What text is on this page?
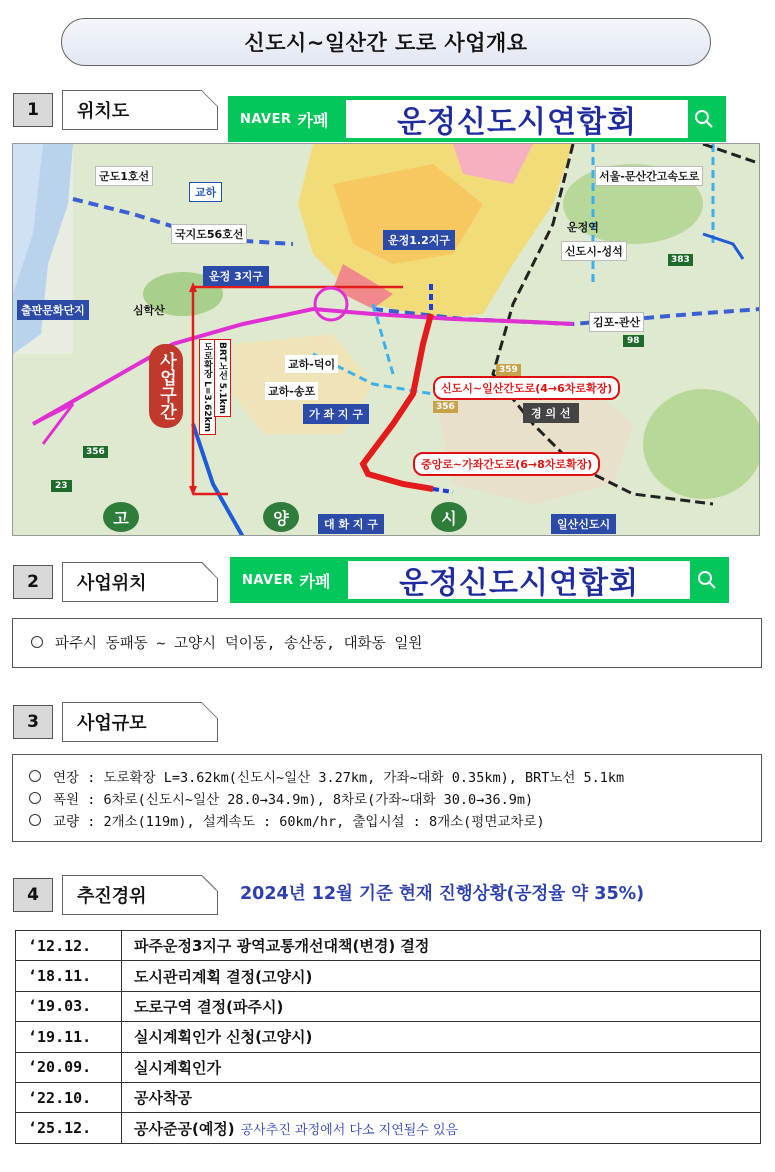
신도시~일산간 도로 사업개요
1	위치도	NAVER 카페	운정신도시연합회
군도1호선
교하
국지도56호선	운정1.2지구
운정 3지구
출판문화단지	심학산
서울-문산간고속도로
운정역
신도시-성석
383
김포-관산
98
교하-덕이
교하-송포
가 좌 지 구
359
356
356
23
신도시~일산간도로(4→6차로확장)
경 의 선
중앙로~가좌간도로(6→8차로확장)
대 화 지 구	일산신도시
고	양	시
사업구간	도로확장 L=3.62km BRT노선 5.1km
2	사업위치	NAVER 카페	운정신도시연합회
파주시 동패동 ~ 고양시 덕이동, 송산동, 대화동 일원
3	사업규모
연장 : 도로확장 L=3.62km(신도시~일산 3.27km, 가좌~대화 0.35km), BRT노선 5.1km
폭원 : 6차로(신도시~일산 28.0→34.9m), 8차로(가좌~대화 30.0→36.9m)
교량 : 2개소(119m), 설계속도 : 60km/hr, 출입시설 : 8개소(평면교차로)
4	추진경위	2024년 12월 기준 현재 진행상황(공정율 약 35%)
‘12.12.	파주운정3지구 광역교통개선대책(변경) 결정
‘18.11.	도시관리계획 결정(고양시)
‘19.03.	도로구역 결정(파주시)
‘19.11.	실시계획인가 신청(고양시)
‘20.09.	실시계획인가
‘22.10.	공사착공
‘25.12.	공사준공(예정) 공사추진 과정에서 다소 지연될수 있음
